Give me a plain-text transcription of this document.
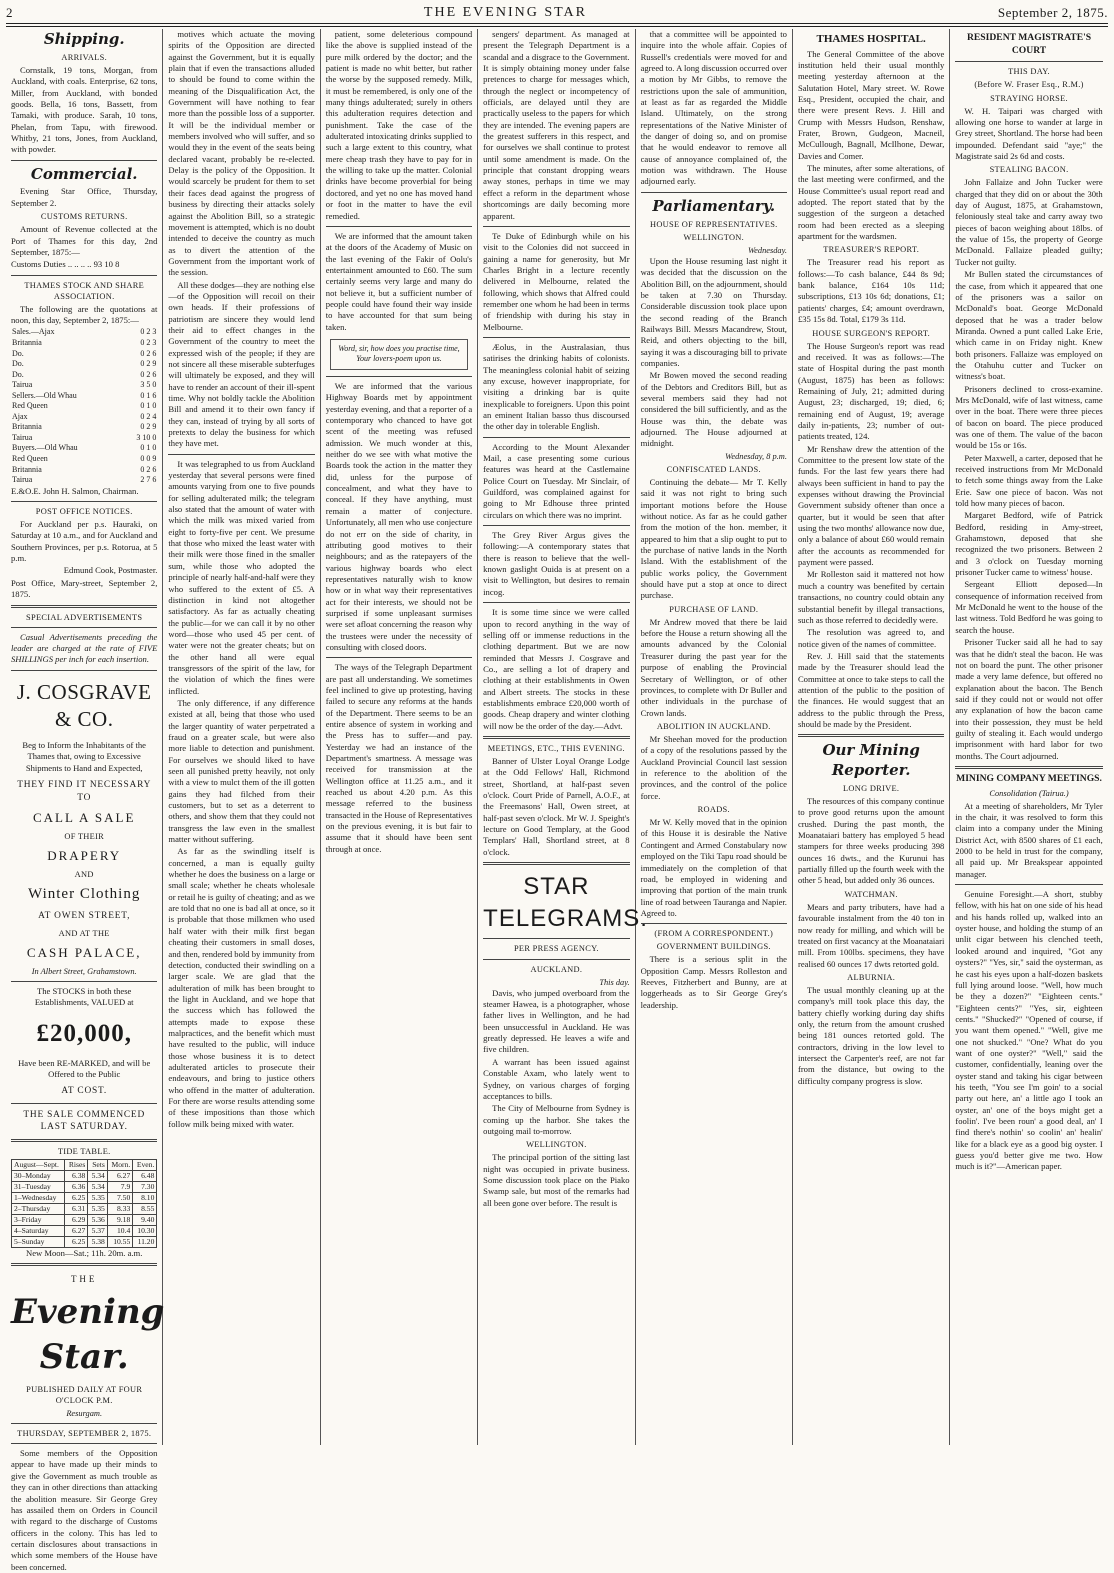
2	THE EVENING STAR	September 2, 1875.
Shipping.
ARRIVALS.

Cornstalk, 19 tons, Morgan, from Auckland, with coals. Enterprise, 62 tons, Miller, from Auckland, with bonded goods. Bella, 16 tons, Bassett, from Tamaki, with produce. Sarah, 10 tons, Phelan, from Tapu, with firewood. Whitby, 21 tons, Jones, from Auckland, with powder.

Commercial.

Evening Star Office, Thursday, September 2.

CUSTOMS RETURNS.

Amount of Revenue collected at the Port of Thames for this day, 2nd September, 1875:—

Customs Duties .. .. .. .. 93 10 8

THAMES STOCK AND SHARE ASSOCIATION.

The following are the quotations at noon, this day, September 2, 1875:—

Sales.—Ajax	0 2 3
Britannia	0 2 3
Do.	0 2 6
Do.	0 2 9
Do.	0 2 6
Tairua	3 5 0
Sellers.—Old Whau	0 1 6
Red Queen	0 1 0
Ajax	0 2 4
Britannia	0 2 9
Tairua	3 10 0
Buyers.—Old Whau	0 1 0
Red Queen	0 0 9
Britannia	0 2 6
Tairua	2 7 6

E.&O.E. John H. Salmon, Chairman.

POST OFFICE NOTICES.

For Auckland per p.s. Hauraki, on Saturday at 10 a.m., and for Auckland and Southern Provinces, per p.s. Rotorua, at 5 p.m.

Edmund Cook, Postmaster.

Post Office, Mary-street, September 2, 1875.

SPECIAL ADVERTISEMENTS

Casual Advertisements preceding the leader are charged at the rate of FIVE SHILLINGS per inch for each insertion.

J. COSGRAVE & CO.

Beg to Inform the Inhabitants of the Thames that, owing to Excessive Shipments to Hand and Expected,

THEY FIND IT NECESSARY TO
CALL A SALE
OF THEIR
DRAPERY
AND
Winter Clothing
AT OWEN STREET,
AND AT THE
CASH PALACE,
In Albert Street, Grahamstown.

The STOCKS in both these Establishments, VALUED at

£20,000,

Have been RE-MARKED, and will be Offered to the Public

AT COST.
THE SALE COMMENCED LAST SATURDAY.
TIDE TABLE.
August—Sept.	Rises	Sets	Morn.	Even.
30–Monday	6.38	5.34	6.27	6.48
31–Tuesday	6.36	5.34	7.9	7.30
1–Wednesday	6.25	5.35	7.50	8.10
2–Thursday	6.31	5.35	8.33	8.55
3–Friday	6.29	5.36	9.18	9.40
4–Saturday	6.27	5.37	10.4	10.30
5–Sunday	6.25	5.38	10.55	11.20

New Moon—Sat.; 11h. 20m. a.m.

THE
Evening Star.
PUBLISHED DAILY AT FOUR O'CLOCK P.M.
Resurgam.
THURSDAY, SEPTEMBER 2, 1875.

Some members of the Opposition appear to have made up their minds to give the Government as much trouble as they can in other directions than attacking the abolition measure. Sir George Grey has assailed them on Orders in Council with regard to the discharge of Customs officers in the colony. This has led to certain disclosures about transactions in which some members of the House have been concerned.

motives which actuate the moving spirits of the Opposition are directed against the Government, but it is equally plain that if even the transactions alluded to should be found to come within the meaning of the Disqualification Act, the Government will have nothing to fear more than the possible loss of a supporter. It will be the individual member or members involved who will suffer, and so would they in the event of the seats being declared vacant, probably be re-elected. Delay is the policy of the Opposition. It would scarcely be prudent for them to set their faces dead against the progress of business by directing their attacks solely against the Abolition Bill, so a strategic movement is attempted, which is no doubt intended to deceive the country as much as to divert the attention of the Government from the important work of the session.

All these dodges—they are nothing else—of the Opposition will recoil on their own heads. If their professions of patriotism are sincere they would lend their aid to effect changes in the Government of the country to meet the expressed wish of the people; if they are not sincere all these miserable subterfuges will ultimately be exposed, and they will have to render an account of their ill-spent time. Why not boldly tackle the Abolition Bill and amend it to their own fancy if they can, instead of trying by all sorts of pretexts to delay the business for which they have met.

It was telegraphed to us from Auckland yesterday that several persons were fined amounts varying from one to five pounds for selling adulterated milk; the telegram also stated that the amount of water with which the milk was mixed varied from eight to forty-five per cent. We presume that those who mixed the least water with their milk were those fined in the smaller sum, while those who adopted the principle of nearly half-and-half were they who suffered to the extent of £5. A distinction in kind not altogether satisfactory. As far as actually cheating the public—for we can call it by no other word—those who used 45 per cent. of water were not the greater cheats; but on the other hand all were equal transgressors of the spirit of the law, for the violation of which the fines were inflicted.

The only difference, if any difference existed at all, being that those who used the larger quantity of water perpetrated a fraud on a greater scale, but were also more liable to detection and punishment. For ourselves we should liked to have seen all punished pretty heavily, not only with a view to mulct them of the ill gotten gains they had filched from their customers, but to set as a deterrent to others, and show them that they could not transgress the law even in the smallest matter without suffering.

As far as the swindling itself is concerned, a man is equally guilty whether he does the business on a large or small scale; whether he cheats wholesale or retail he is guilty of cheating; and as we are told that no one is bad all at once, so it is probable that those milkmen who used half water with their milk first began cheating their customers in small doses, and then, rendered bold by immunity from detection, conducted their swindling on a larger scale. We are glad that the adulteration of milk has been brought to the light in Auckland, and we hope that the success which has followed the attempts made to expose these malpractices, and the benefit which must have resulted to the public, will induce those whose business it is to detect adulterated articles to prosecute their endeavours, and bring to justice others who offend in the matter of adulteration. For there are worse results attending some of these impositions than those which follow milk being mixed with water.

patient, some deleterious compound like the above is supplied instead of the pure milk ordered by the doctor; and the patient is made no whit better, but rather the worse by the supposed remedy. Milk, it must be remembered, is only one of the many things adulterated; surely in others this adulteration requires detection and punishment. Take the case of the adulterated intoxicating drinks supplied to such a large extent to this country, what mere cheap trash they have to pay for in the willing to take up the matter. Colonial drinks have become proverbial for being doctored, and yet no one has moved hand or foot in the matter to have the evil remedied.

We are informed that the amount taken at the doors of the Academy of Music on the last evening of the Fakir of Oolu's entertainment amounted to £60. The sum certainly seems very large and many do not believe it, but a sufficient number of people could have found their way inside to have accounted for that sum being taken.

Word, sir, how does you practise time, Your lovers-poem upon us.

We are informed that the various Highway Boards met by appointment yesterday evening, and that a reporter of a contemporary who chanced to have got scent of the meeting was refused admission. We much wonder at this, neither do we see with what motive the Boards took the action in the matter they did, unless for the purpose of concealment, and what they have to conceal. If they have anything, must remain a matter of conjecture. Unfortunately, all men who use conjecture do not err on the side of charity, in attributing good motives to their neighbours; and as the ratepayers of the various highway boards who elect representatives naturally wish to know how or in what way their representatives act for their interests, we should not be surprised if some unpleasant surmises were set afloat concerning the reason why the trustees were under the necessity of consulting with closed doors.

The ways of the Telegraph Department are past all understanding. We sometimes feel inclined to give up protesting, having failed to secure any reforms at the hands of the Department. There seems to be an entire absence of system in working and the Press has to suffer—and pay. Yesterday we had an instance of the Department's smartness. A message was received for transmission at the Wellington office at 11.25 a.m., and it reached us about 4.20 p.m. As this message referred to the business transacted in the House of Representatives on the previous evening, it is but fair to assume that it should have been sent through at once.

sengers' department. As managed at present the Telegraph Department is a scandal and a disgrace to the Government. It is simply obtaining money under false pretences to charge for messages which, through the neglect or incompetency of officials, are delayed until they are practically useless to the papers for which they are intended. The evening papers are the greatest sufferers in this respect, and for ourselves we shall continue to protest until some amendment is made. On the principle that constant dropping wears away stones, perhaps in time we may effect a reform in the department whose shortcomings are daily becoming more apparent.

Te Duke of Edinburgh while on his visit to the Colonies did not succeed in gaining a name for generosity, but Mr Charles Bright in a lecture recently delivered in Melbourne, related the following, which shows that Alfred could remember one whom he had been in terms of friendship with during his stay in Melbourne.

Æolus, in the Australasian, thus satirises the drinking habits of colonists. The meaningless colonial habit of seizing any excuse, however inappropriate, for visiting a drinking bar is quite inexplicable to foreigners. Upon this point an eminent Italian basso thus discoursed the other day in tolerable English.

According to the Mount Alexander Mail, a case presenting some curious features was heard at the Castlemaine Police Court on Tuesday. Mr Sinclair, of Guildford, was complained against for going to Mr Edhouse three printed circulars on which there was no imprint.

The Grey River Argus gives the following:—A contemporary states that there is reason to believe that the well-known gaslight Ouida is at present on a visit to Wellington, but desires to remain incog.

It is some time since we were called upon to record anything in the way of selling off or immense reductions in the clothing department. But we are now reminded that Messrs J. Cosgrave and Co., are selling a lot of drapery and clothing at their establishments in Owen and Albert streets. The stocks in these establishments embrace £20,000 worth of goods. Cheap drapery and winter clothing will now be the order of the day.—Advt.

MEETINGS, ETC., THIS EVENING.

Banner of Ulster Loyal Orange Lodge at the Odd Fellows' Hall, Richmond street, Shortland, at half-past seven o'clock. Court Pride of Parnell, A.O.F., at the Freemasons' Hall, Owen street, at half-past seven o'clock. Mr W. J. Speight's lecture on Good Templary, at the Good Templars' Hall, Shortland street, at 8 o'clock.

STAR TELEGRAMS.
PER PRESS AGENCY.
AUCKLAND.
This day.

Davis, who jumped overboard from the steamer Hawea, is a photographer, whose father lives in Wellington, and he had been unsuccessful in Auckland. He was greatly depressed. He leaves a wife and five children.

A warrant has been issued against Constable Axam, who lately went to Sydney, on various charges of forging acceptances to bills.

The City of Melbourne from Sydney is coming up the harbor. She takes the outgoing mail to-morrow.

WELLINGTON.

The principal portion of the sitting last night was occupied in private business. Some discussion took place on the Piako Swamp sale, but most of the remarks had all been gone over before. The result is

that a committee will be appointed to inquire into the whole affair. Copies of Russell's credentials were moved for and agreed to. A long discussion occurred over a motion by Mr Gibbs, to remove the restrictions upon the sale of ammunition, at least as far as regarded the Middle Island. Ultimately, on the strong representations of the Native Minister of the danger of doing so, and on promise that he would endeavor to remove all cause of annoyance complained of, the motion was withdrawn. The House adjourned early.

Parliamentary.
HOUSE OF REPRESENTATIVES.
WELLINGTON.
Wednesday.

Upon the House resuming last night it was decided that the discussion on the Abolition Bill, on the adjournment, should be taken at 7.30 on Thursday. Considerable discussion took place upon the second reading of the Branch Railways Bill. Messrs Macandrew, Stout, Reid, and others objecting to the bill, saying it was a discouraging bill to private companies.

Mr Bowen moved the second reading of the Debtors and Creditors Bill, but as several members said they had not considered the bill sufficiently, and as the House was thin, the debate was adjourned. The House adjourned at midnight.

Wednesday, 8 p.m.
CONFISCATED LANDS.

Continuing the debate— Mr T. Kelly said it was not right to bring such important motions before the House without notice. As far as he could gather from the motion of the hon. member, it appeared to him that a slip ought to put to the purchase of native lands in the North Island. With the establishment of the public works policy, the Government should have put a stop at once to direct purchase.

PURCHASE OF LAND.

Mr Andrew moved that there be laid before the House a return showing all the amounts advanced by the Colonial Treasurer during the past year for the purpose of enabling the Provincial Secretary of Wellington, or of other provinces, to complete with Dr Buller and other individuals in the purchase of Crown lands.

ABOLITION IN AUCKLAND.

Mr Sheehan moved for the production of a copy of the resolutions passed by the Auckland Provincial Council last session in reference to the abolition of the provinces, and the control of the police force.

ROADS.

Mr W. Kelly moved that in the opinion of this House it is desirable the Native Contingent and Armed Constabulary now employed on the Tiki Tapu road should be immediately on the completion of that road, be employed in widening and improving that portion of the main trunk line of road between Tauranga and Napier. Agreed to.

(FROM A CORRESPONDENT.)
GOVERNMENT BUILDINGS.

There is a serious split in the Opposition Camp. Messrs Rolleston and Reeves, Fitzherbert and Bunny, are at loggerheads as to Sir George Grey's leadership.

THAMES HOSPITAL.

The General Committee of the above institution held their usual monthly meeting yesterday afternoon at the Salutation Hotel, Mary street. W. Rowe Esq., President, occupied the chair, and there were present Revs. J. Hill and Crump with Messrs Hudson, Renshaw, Frater, Brown, Gudgeon, Macneil, McCullough, Bagnall, McIlhone, Dewar, Davies and Comer.

The minutes, after some alterations, of the last meeting were confirmed, and the House Committee's usual report read and adopted. The report stated that by the suggestion of the surgeon a detached room had been erected as a sleeping apartment for the wardsmen.

TREASURER'S REPORT.

The Treasurer read his report as follows:—To cash balance, £44 8s 9d; bank balance, £164 10s 11d; subscriptions, £13 10s 6d; donations, £1; patients' charges, £4; amount overdrawn, £35 15s 8d. Total, £179 3s 11d.

HOUSE SURGEON'S REPORT.

The House Surgeon's report was read and received. It was as follows:—The state of Hospital during the past month (August, 1875) has been as follows: Remaining of July, 21; admitted during August, 23; discharged, 19; died, 6; remaining end of August, 19; average daily in-patients, 23; number of out-patients treated, 124.

Mr Renshaw drew the attention of the Committee to the present low state of the funds. For the last few years there had always been sufficient in hand to pay the expenses without drawing the Provincial Government subsidy oftener than once a quarter, but it would be seen that after using the two months' allowance now due, only a balance of about £60 would remain after the accounts as recommended for payment were passed.

Mr Rolleston said it mattered not how much a country was benefited by certain transactions, no country could obtain any substantial benefit by illegal transactions, such as those referred to decidedly were.

The resolution was agreed to, and notice given of the names of committee.

Rev. J. Hill said that the statements made by the Treasurer should lead the Committee at once to take steps to call the attention of the public to the position of the finances. He would suggest that an address to the public through the Press, should be made by the President.

Our Mining Reporter.
LONG DRIVE.

The resources of this company continue to prove good returns upon the amount crushed. During the past month, the Moanataiari battery has employed 5 head stampers for three weeks producing 398 ounces 16 dwts., and the Kurunui has partially filled up the fourth week with the other 5 head, but added only 36 ounces.

WATCHMAN.

Mears and party tributers, have had a favourable instalment from the 40 ton in now ready for milling, and which will be treated on first vacancy at the Moanataiari mill. From 100lbs. specimens, they have realised 60 ounces 17 dwts retorted gold.

ALBURNIA.

The usual monthly cleaning up at the company's mill took place this day, the battery chiefly working during day shifts only, the return from the amount crushed being 181 ounces retorted gold. The contractors, driving in the low level to intersect the Carpenter's reef, are not far from the distance, but owing to the difficulty company progress is slow.

RESIDENT MAGISTRATE'S COURT
THIS DAY.
(Before W. Fraser Esq., R.M.)
STRAYING HORSE.

W. H. Taipari was charged with allowing one horse to wander at large in Grey street, Shortland. The horse had been impounded. Defendant said "aye;" the Magistrate said 2s 6d and costs.

STEALING BACON.

John Fallaize and John Tucker were charged that they did on or about the 30th day of August, 1875, at Grahamstown, feloniously steal take and carry away two pieces of bacon weighing about 18lbs. of the value of 15s, the property of George McDonald. Fallaize pleaded guilty; Tucker not guilty.

Mr Bullen stated the circumstances of the case, from which it appeared that one of the prisoners was a sailor on McDonald's boat. George McDonald deposed that he was a trader below Miranda. Owned a punt called Lake Erie, which came in on Friday night. Knew both prisoners. Fallaize was employed on the Otahuhu cutter and Tucker on witness's boat.

Prisoners declined to cross-examine. Mrs McDonald, wife of last witness, came over in the boat. There were three pieces of bacon on board. The piece produced was one of them. The value of the bacon would be 15s or 16s.

Peter Maxwell, a carter, deposed that he received instructions from Mr McDonald to fetch some things away from the Lake Erie. Saw one piece of bacon. Was not told how many pieces of bacon.

Margaret Bedford, wife of Patrick Bedford, residing in Amy-street, Grahamstown, deposed that she recognized the two prisoners. Between 2 and 3 o'clock on Tuesday morning prisoner Tucker came to witness' house.

Sergeant Elliott deposed—In consequence of information received from Mr McDonald he went to the house of the last witness. Told Bedford he was going to search the house.

Prisoner Tucker said all he had to say was that he didn't steal the bacon. He was not on board the punt. The other prisoner made a very lame defence, but offered no explanation about the bacon. The Bench said if they could not or would not offer any explanation of how the bacon came into their possession, they must be held guilty of stealing it. Each would undergo imprisonment with hard labor for two months. The Court adjourned.

MINING COMPANY MEETINGS.
Consolidation (Tairua.)

At a meeting of shareholders, Mr Tyler in the chair, it was resolved to form this claim into a company under the Mining District Act, with 8500 shares of £1 each, 2000 to be held in trust for the company, all paid up. Mr Breakspear appointed manager.

Genuine Foresight.—A short, stubby fellow, with his hat on one side of his head and his hands rolled up, walked into an oyster house, and holding the stump of an unlit cigar between his clenched teeth, looked around and inquired, "Got any oysters?" "Yes, sir," said the oysterman, as he cast his eyes upon a half-dozen baskets full lying around loose. "Well, how much be they a dozen?" "Eighteen cents." "Eighteen cents?" "Yes, sir, eighteen cents." "Shucked?" "Opened of course, if you want them opened." "Well, give me one not shucked." "One? What do you want of one oyster?" "Well," said the customer, confidentially, leaning over the oyster stand and taking his cigar between his teeth, "You see I'm goin' to a social party out here, an' a little ago I took an oyster, an' one of the boys might get a foolin'. I've been roun' a good deal, an' I find there's nothin' so coolin' an' healin' like for a black eye as a good big oyster. I guess you'd better give me two. How much is it?"—American paper.
